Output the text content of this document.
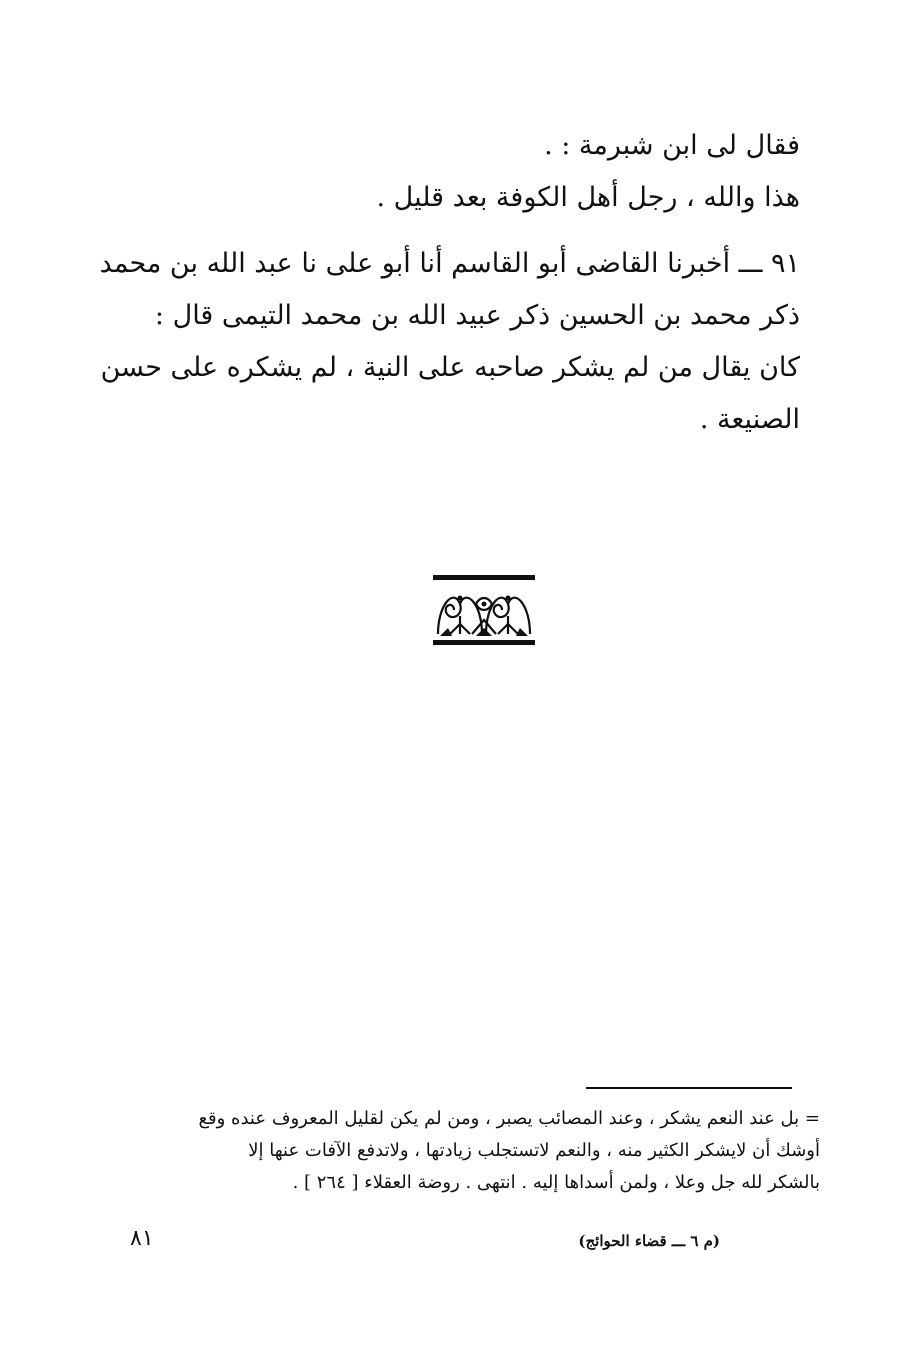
فقال لى ابن شبرمة : .

هذا والله ، رجل أهل الكوفة بعد قليل .

٩١ ـــ أخبرنا القاضى أبو القاسم أنا أبو على نا عبد الله بن محمد

ذكر محمد بن الحسين ذكر عبيد الله بن محمد التيمى قال :

كان يقال من لم يشكر صاحبه على النية ، لم يشكره على حسن

الصنيعة .

= بل عند النعم يشكر ، وعند المصائب يصبر ، ومن لم يكن لقليل المعروف عنده وقع

أوشك أن لايشكر الكثير منه ، والنعم لاتستجلب زيادتها ، ولاتدفع الآفات عنها إلا

بالشكر لله جل وعلا ، ولمن أسداها إليه . انتهى . روضة العقلاء [ ٢٦٤ ] .

(م ٦ ـــ قضاء الحوائج)
٨١
